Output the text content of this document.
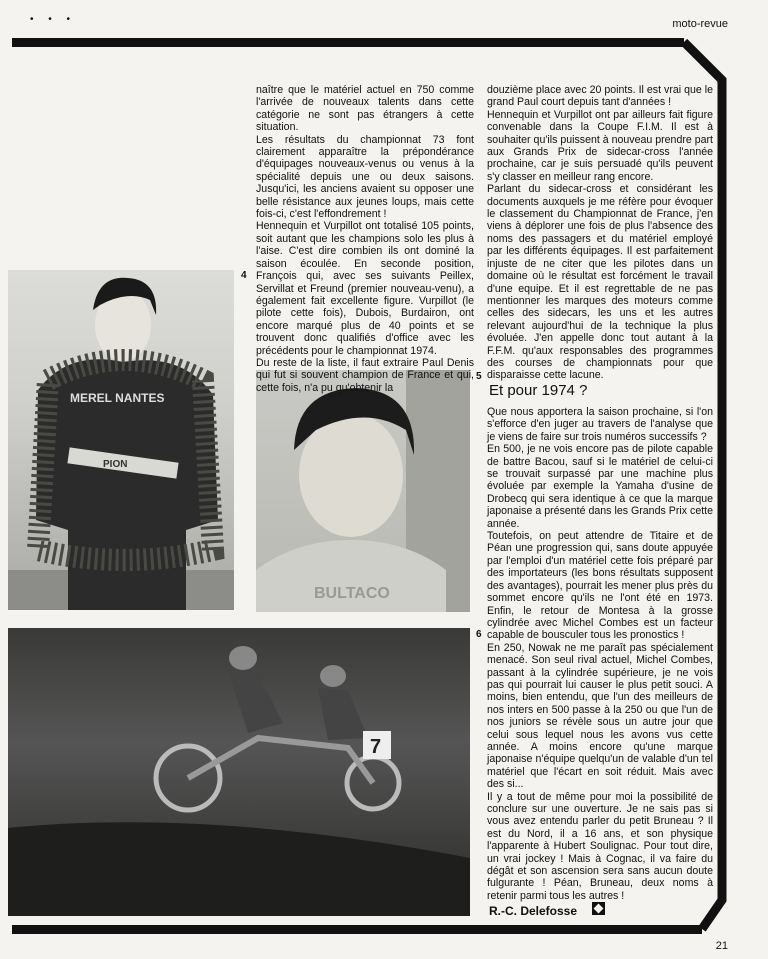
• • •	moto-revue
PION
MEREL NANTES
BULTACO
7
4
5
6

naître que le matériel actuel en 750 comme l'arrivée de nouveaux talents dans cette catégorie ne sont pas étrangers à cette situation.

Les résultats du championnat 73 font clairement apparaître la prépondérance d'équipages nouveaux-venus ou venus à la spécialité depuis une ou deux saisons. Jusqu'ici, les anciens avaient su opposer une belle résistance aux jeunes loups, mais cette fois-ci, c'est l'effondrement !

Hennequin et Vurpillot ont totalisé 105 points, soit autant que les champions solo les plus à l'aise. C'est dire combien ils ont dominé la saison écoulée. En seconde position, François qui, avec ses suivants Peillex, Servillat et Freund (premier nouveau-venu), a également fait excellente figure. Vurpillot (le pilote cette fois), Dubois, Burdairon, ont encore marqué plus de 40 points et se trouvent donc qualifiés d'office avec les précédents pour le championnat 1974.

Du reste de la liste, il faut extraire Paul Denis qui fut si souvent champion de France et qui, cette fois, n'a pu qu'obtenir la

douzième place avec 20 points. Il est vrai que le grand Paul court depuis tant d'années !

Hennequin et Vurpillot ont par ailleurs fait figure convenable dans la Coupe F.I.M. Il est à souhaiter qu'ils puissent à nouveau prendre part aux Grands Prix de sidecar-cross l'année prochaine, car je suis persuadé qu'ils peuvent s'y classer en meilleur rang encore.

Parlant du sidecar-cross et considérant les documents auxquels je me réfère pour évoquer le classement du Championnat de France, j'en viens à déplorer une fois de plus l'absence des noms des passagers et du matériel employé par les différents équipages. Il est parfaitement injuste de ne citer que les pilotes dans un domaine où le résultat est forcément le travail d'une equipe. Et il est regrettable de ne pas mentionner les marques des moteurs comme celles des sidecars, les uns et les autres relevant aujourd'hui de la technique la plus évoluée. J'en appelle donc tout autant à la F.F.M. qu'aux responsables des programmes des courses de championnats pour que disparaisse cette lacune.

Et pour 1974 ?

Que nous apportera la saison prochaine, si l'on s'efforce d'en juger au travers de l'analyse que je viens de faire sur trois numéros successifs ?

En 500, je ne vois encore pas de pilote capable de battre Bacou, sauf si le matériel de celui-ci se trouvait surpassé par une machine plus évoluée par exemple la Yamaha d'usine de Drobecq qui sera identique à ce que la marque japonaise a présenté dans les Grands Prix cette année.

Toutefois, on peut attendre de Titaire et de Péan une progression qui, sans doute appuyée par l'emploi d'un matériel cette fois préparé par des importateurs (les bons résultats supposent des avantages), pourrait les mener plus près du sommet encore qu'ils ne l'ont été en 1973. Enfin, le retour de Montesa à la grosse cylindrée avec Michel Combes est un facteur capable de bousculer tous les pronostics !

En 250, Nowak ne me paraît pas spécialement menacé. Son seul rival actuel, Michel Combes, passant à la cylindrée supérieure, je ne vois pas qui pourrait lui causer le plus petit souci. A moins, bien entendu, que l'un des meilleurs de nos inters en 500 passe à la 250 ou que l'un de nos juniors se révèle sous un autre jour que celui sous lequel nous les avons vus cette année. A moins encore qu'une marque japonaise n'équipe quelqu'un de valable d'un tel matériel que l'écart en soit réduit. Mais avec des si...

Il y a tout de même pour moi la possibilité de conclure sur une ouverture. Je ne sais pas si vous avez entendu parler du petit Bruneau ? Il est du Nord, il a 16 ans, et son physique l'apparente à Hubert Soulignac. Pour tout dire, un vrai jockey ! Mais à Cognac, il va faire du dégât et son ascension sera sans aucun doute fulgurante ! Péan, Bruneau, deux noms à retenir parmi tous les autres !

R.-C. Delefosse
21
